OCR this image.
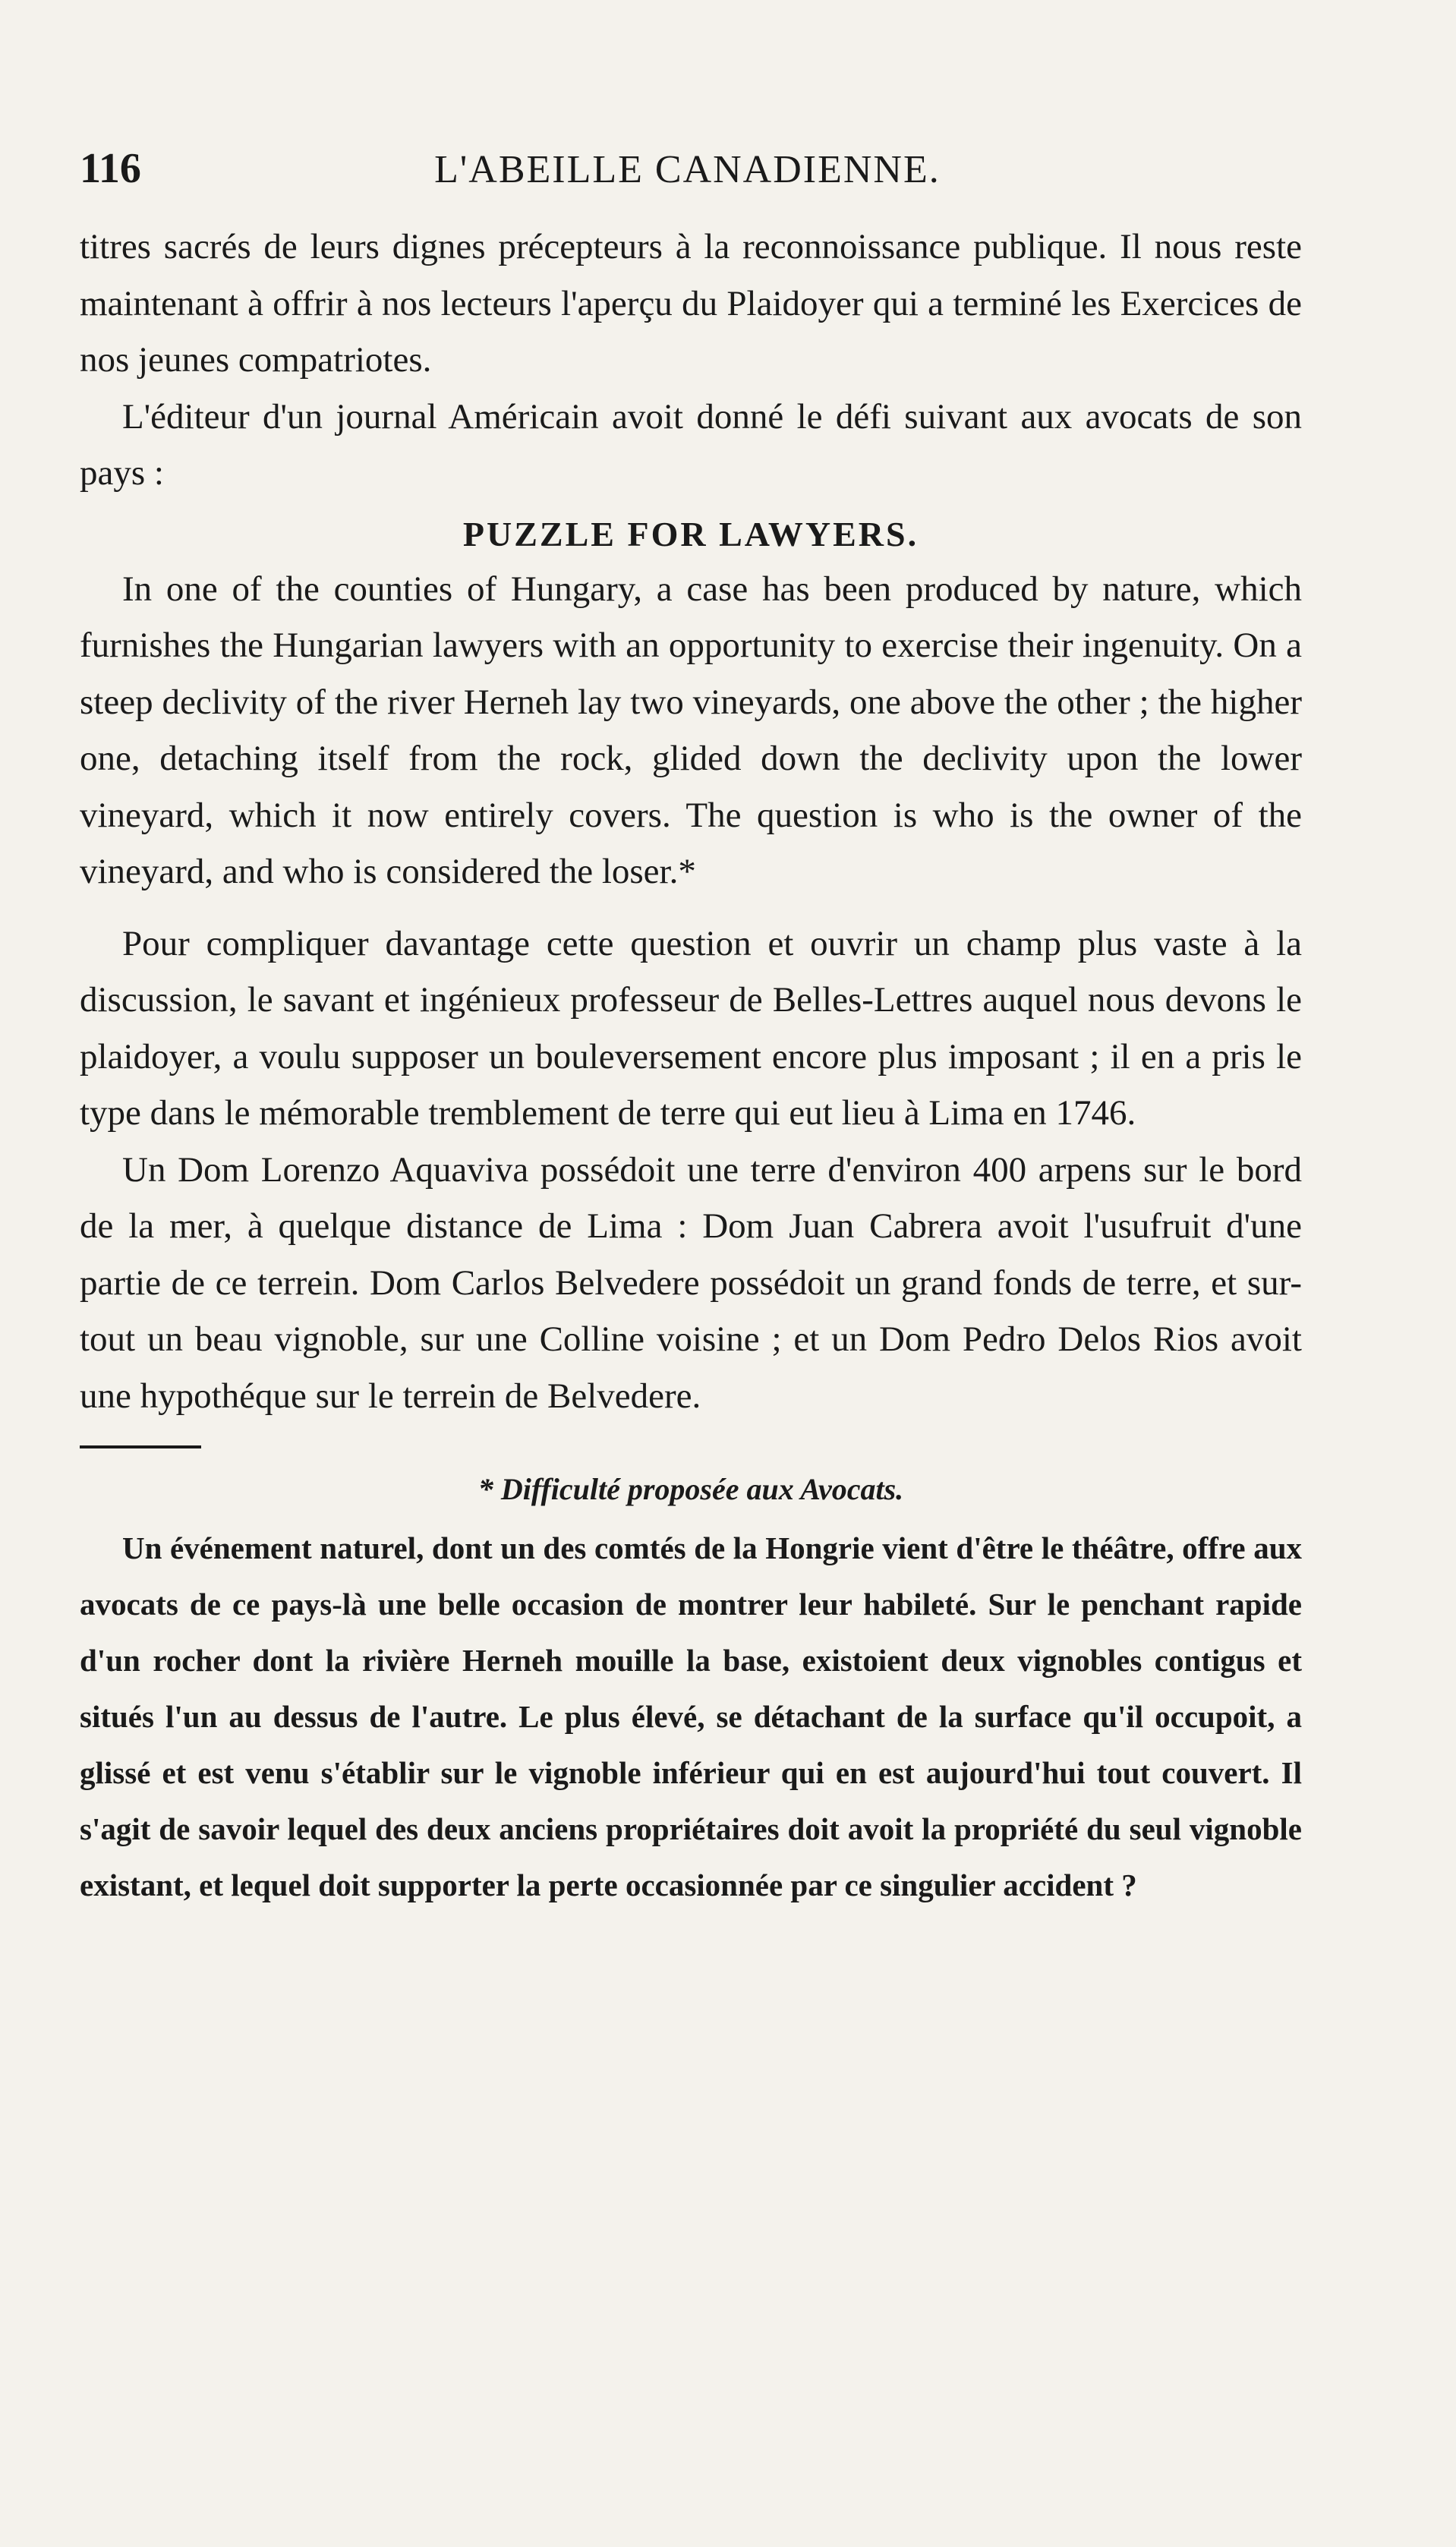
116	L'ABEILLE CANADIENNE.

titres sacrés de leurs dignes précepteurs à la reconnoissance publique. Il nous reste maintenant à offrir à nos lecteurs l'aperçu du Plaidoyer qui a terminé les Exercices de nos jeunes compatriotes.

L'éditeur d'un journal Américain avoit donné le défi suivant aux avocats de son pays :

PUZZLE FOR LAWYERS.

In one of the counties of Hungary, a case has been produced by nature, which furnishes the Hungarian lawyers with an opportunity to exercise their ingenuity. On a steep declivity of the river Herneh lay two vineyards, one above the other ; the higher one, detaching itself from the rock, glided down the declivity upon the lower vineyard, which it now entirely covers. The question is who is the owner of the vineyard, and who is considered the loser.*

Pour compliquer davantage cette question et ouvrir un champ plus vaste à la discussion, le savant et ingénieux professeur de Belles-Lettres auquel nous devons le plaidoyer, a voulu supposer un bouleversement encore plus imposant ; il en a pris le type dans le mémorable tremblement de terre qui eut lieu à Lima en 1746.

Un Dom Lorenzo Aquaviva possédoit une terre d'environ 400 arpens sur le bord de la mer, à quelque distance de Lima : Dom Juan Cabrera avoit l'usufruit d'une partie de ce terrein. Dom Carlos Belvedere possédoit un grand fonds de terre, et sur-tout un beau vignoble, sur une Colline voisine ; et un Dom Pedro Delos Rios avoit une hypothéque sur le terrein de Belvedere.

* Difficulté proposée aux Avocats.

Un événement naturel, dont un des comtés de la Hongrie vient d'être le théâtre, offre aux avocats de ce pays-là une belle occasion de montrer leur habileté. Sur le penchant rapide d'un rocher dont la rivière Herneh mouille la base, existoient deux vignobles contigus et situés l'un au dessus de l'autre. Le plus élevé, se détachant de la surface qu'il occupoit, a glissé et est venu s'établir sur le vignoble inférieur qui en est aujourd'hui tout couvert. Il s'agit de savoir lequel des deux anciens propriétaires doit avoit la propriété du seul vignoble existant, et lequel doit supporter la perte occasionnée par ce singulier accident ?
